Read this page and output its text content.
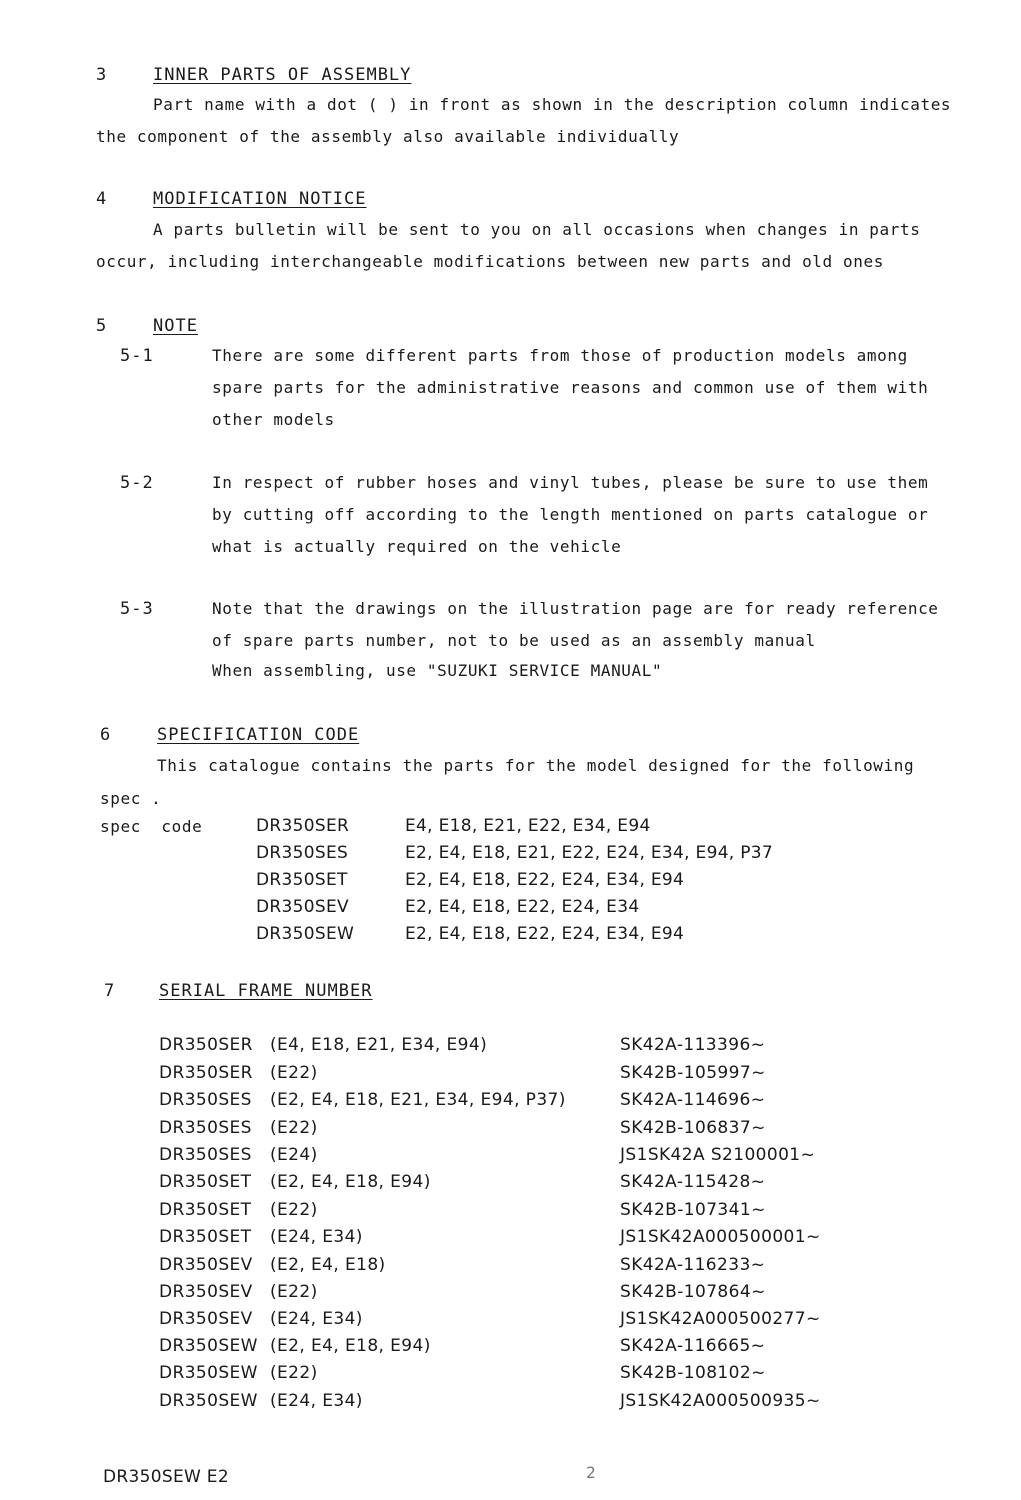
3	INNER PARTS OF ASSEMBLY
Part name with a dot ( ) in front as shown in the description column indicates
the component of the assembly also available individually
4	MODIFICATION NOTICE
A parts bulletin will be sent to you on all occasions when changes in parts
occur, including interchangeable modifications between new parts and old ones
5	NOTE
5-1	There are some different parts from those of production models among
spare parts for the administrative reasons and common use of them with
other models
5-2	In respect of rubber hoses and vinyl tubes, please be sure to use them
by cutting off according to the length mentioned on parts catalogue or
what is actually required on the vehicle
5-3	Note that the drawings on the illustration page are for ready reference
of spare parts number, not to be used as an assembly manual
When assembling, use "SUZUKI SERVICE MANUAL"
6	SPECIFICATION CODE
This catalogue contains the parts for the model designed for the following
spec .
spec  code	DR350SER	E4, E18, E21, E22, E34, E94
DR350SES	E2, E4, E18, E21, E22, E24, E34, E94, P37
DR350SET	E2, E4, E18, E22, E24, E34, E94
DR350SEV	E2, E4, E18, E22, E24, E34
DR350SEW	E2, E4, E18, E22, E24, E34, E94
7	SERIAL FRAME NUMBER
DR350SER (E4, E18, E21, E34, E94)	SK42A-113396~
DR350SER (E22)	SK42B-105997~
DR350SES (E2, E4, E18, E21, E34, E94, P37)	SK42A-114696~
DR350SES (E22)	SK42B-106837~
DR350SES (E24)	JS1SK42A S2100001~
DR350SET (E2, E4, E18, E94)	SK42A-115428~
DR350SET (E22)	SK42B-107341~
DR350SET (E24, E34)	JS1SK42A000500001~
DR350SEV (E2, E4, E18)	SK42A-116233~
DR350SEV (E22)	SK42B-107864~
DR350SEV (E24, E34)	JS1SK42A000500277~
DR350SEW (E2, E4, E18, E94)	SK42A-116665~
DR350SEW (E22)	SK42B-108102~
DR350SEW (E24, E34)	JS1SK42A000500935~
DR350SEW E2	2
